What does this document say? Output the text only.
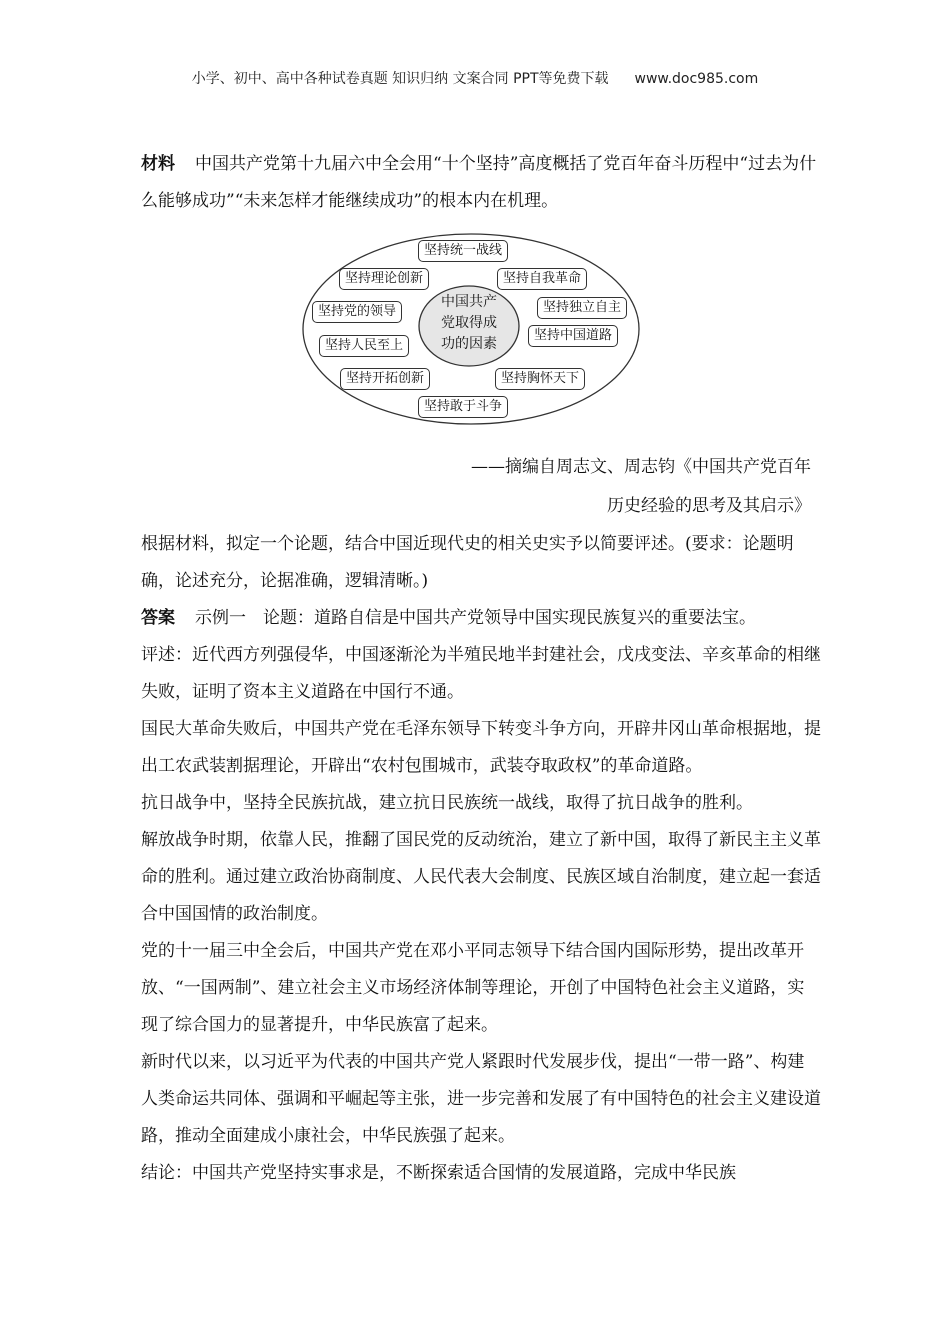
小学、初中、高中各种试卷真题 知识归纳 文案合同 PPT等免费下载 www.doc985.com

材料 中国共产党第十九届六中全会用“十个坚持”高度概括了党百年奋斗历程中“过去为什么能够成功”“未来怎样才能继续成功”的根本内在机理。

中国共产
党取得成
功的因素
坚持统一战线
坚持理论创新	坚持自我革命
坚持党的领导	坚持独立自主
坚持中国道路
坚持人民至上
坚持开拓创新	坚持胸怀天下
坚持敢于斗争

——摘编自周志文、周志钧《中国共产党百年

历史经验的思考及其启示》

根据材料，拟定一个论题，结合中国近现代史的相关史实予以简要评述。(要求：论题明确，论述充分，论据准确，逻辑清晰。)

答案 示例一　论题：道路自信是中国共产党领导中国实现民族复兴的重要法宝。

评述：近代西方列强侵华，中国逐渐沦为半殖民地半封建社会，戊戌变法、辛亥革命的相继失败，证明了资本主义道路在中国行不通。

国民大革命失败后，中国共产党在毛泽东领导下转变斗争方向，开辟井冈山革命根据地，提出工农武装割据理论，开辟出“农村包围城市，武装夺取政权”的革命道路。

抗日战争中，坚持全民族抗战，建立抗日民族统一战线，取得了抗日战争的胜利。

解放战争时期，依靠人民，推翻了国民党的反动统治，建立了新中国，取得了新民主主义革命的胜利。通过建立政治协商制度、人民代表大会制度、民族区域自治制度，建立起一套适合中国国情的政治制度。

党的十一届三中全会后，中国共产党在邓小平同志领导下结合国内国际形势，提出改革开放、“一国两制”、建立社会主义市场经济体制等理论，开创了中国特色社会主义道路，实现了综合国力的显著提升，中华民族富了起来。

新时代以来，以习近平为代表的中国共产党人紧跟时代发展步伐，提出“一带一路”、构建人类命运共同体、强调和平崛起等主张，进一步完善和发展了有中国特色的社会主义建设道路，推动全面建成小康社会，中华民族强了起来。

结论：中国共产党坚持实事求是，不断探索适合国情的发展道路，完成中华民族
